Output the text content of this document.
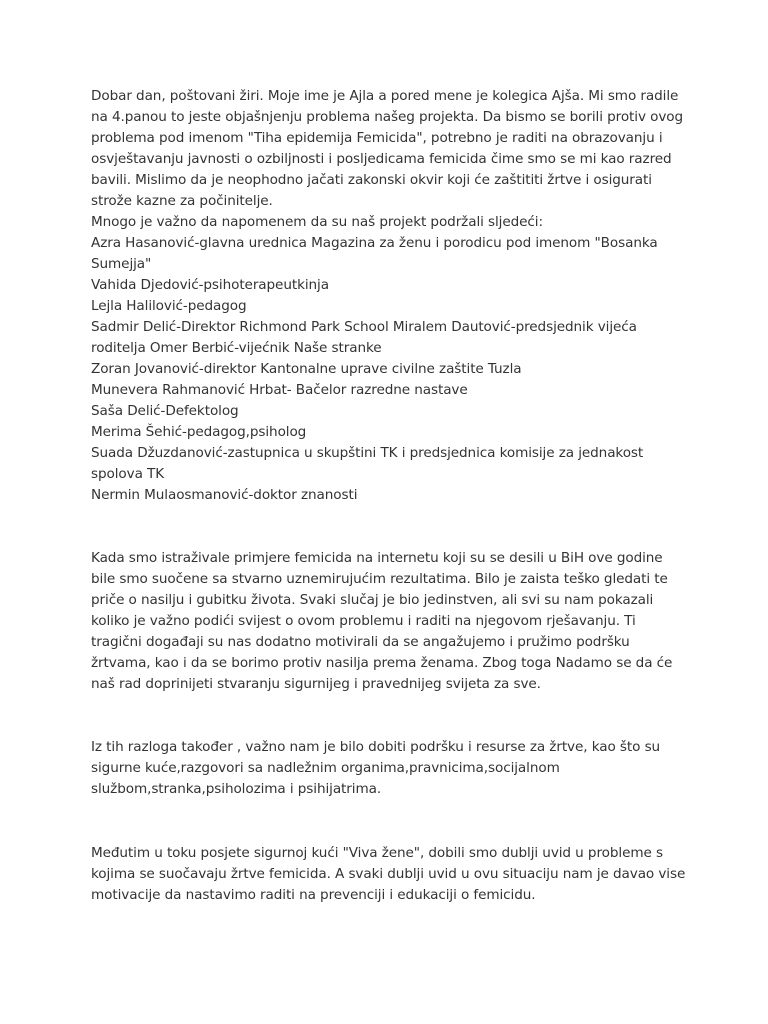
Dobar dan, poštovani žiri. Moje ime je Ajla a pored mene je kolegica Ajša. Mi smo radile
na 4.panou to jeste objašnjenju problema našeg projekta. Da bismo se borili protiv ovog
problema pod imenom "Tiha epidemija Femicida", potrebno je raditi na obrazovanju i
osvještavanju javnosti o ozbiljnosti i posljedicama femicida čime smo se mi kao razred
bavili. Mislimo da je neophodno jačati zakonski okvir koji će zaštititi žrtve i osigurati
strože kazne za počinitelje.
Mnogo je važno da napomenem da su naš projekt podržali sljedeći:
Azra Hasanović-glavna urednica Magazina za ženu i porodicu pod imenom "Bosanka
Sumejja"
Vahida Djedović-psihoterapeutkinja
Lejla Halilović-pedagog
Sadmir Delić-Direktor Richmond Park School Miralem Dautović-predsjednik vijeća
roditelja Omer Berbić-vijećnik Naše stranke
Zoran Jovanović-direktor Kantonalne uprave civilne zaštite Tuzla
Munevera Rahmanović Hrbat- Bačelor razredne nastave
Saša Delić-Defektolog
Merima Šehić-pedagog,psiholog
Suada Džuzdanović-zastupnica u skupštini TK i predsjednica komisije za jednakost
spolova TK
Nermin Mulaosmanović-doktor znanosti

Kada smo istraživale primjere femicida na internetu koji su se desili u BiH ove godine
bile smo suočene sa stvarno uznemirujućim rezultatima. Bilo je zaista teško gledati te
priče o nasilju i gubitku života. Svaki slučaj je bio jedinstven, ali svi su nam pokazali
koliko je važno podići svijest o ovom problemu i raditi na njegovom rješavanju. Ti
tragični događaji su nas dodatno motivirali da se angažujemo i pružimo podršku
žrtvama, kao i da se borimo protiv nasilja prema ženama. Zbog toga Nadamo se da će
naš rad doprinijeti stvaranju sigurnijeg i pravednijeg svijeta za sve.

Iz tih razloga također , važno nam je bilo dobiti podršku i resurse za žrtve, kao što su
sigurne kuće,razgovori sa nadležnim organima,pravnicima,socijalnom
službom,stranka,psiholozima i psihijatrima.

Međutim u toku posjete sigurnoj kući "Viva žene", dobili smo dublji uvid u probleme s
kojima se suočavaju žrtve femicida. A svaki dublji uvid u ovu situaciju nam je davao vise
motivacije da nastavimo raditi na prevenciji i edukaciji o femicidu.
